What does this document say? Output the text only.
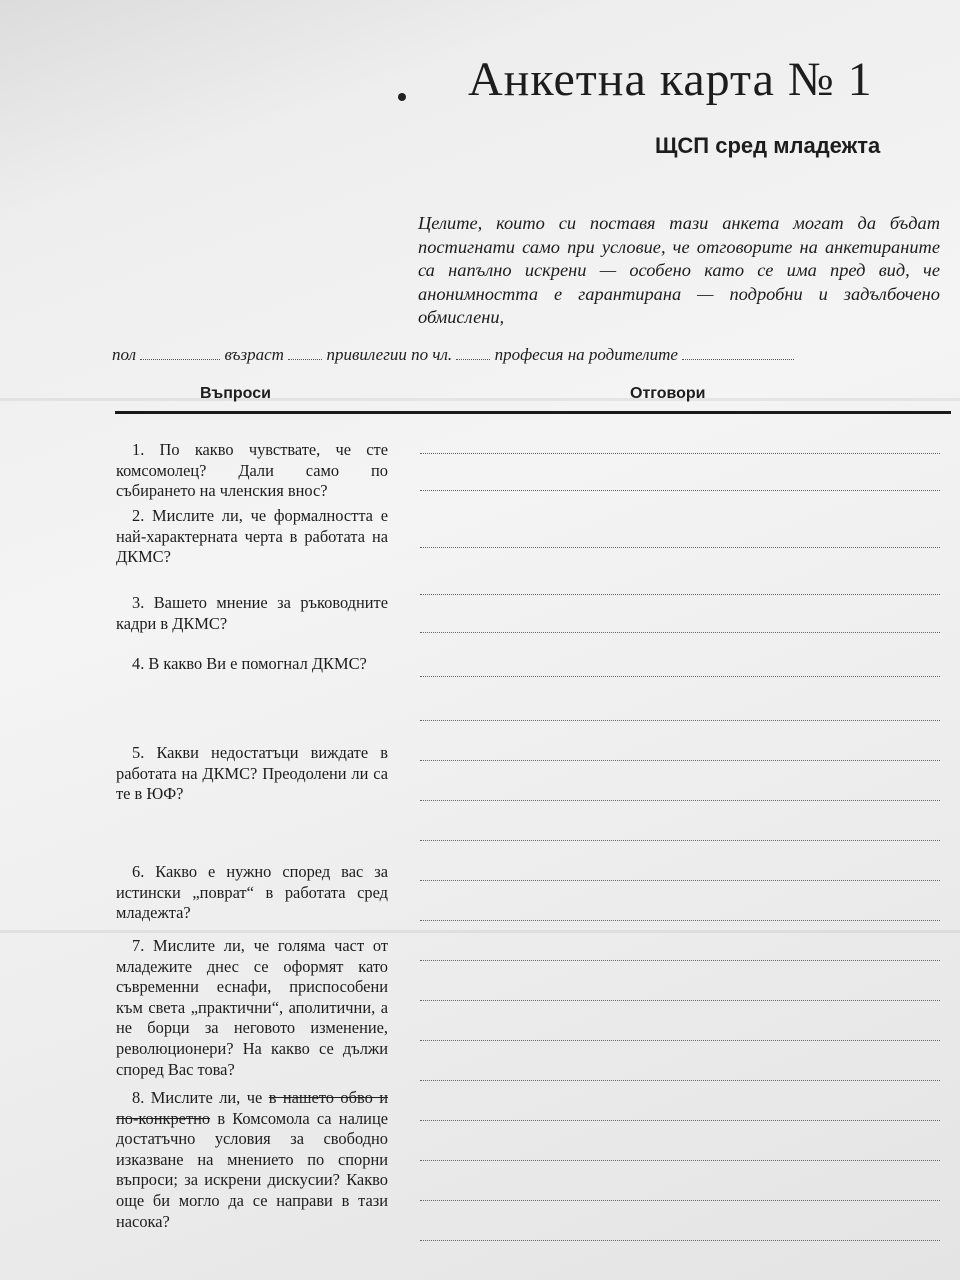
Анкетна карта № 1
ЩСП сред младежта
Целите, които си поставя тази анкета могат да бъдат постигнати само при условие, че отговорите на анкетираните са напълно искрени — особено като се има пред вид, че анонимността е гарантирана — подробни и задълбочено обмислени,
пол	възраст	привилегии по чл.	професия на родителите
Въпроси	Отговори
1. По какво чувствате, че сте комсомолец? Дали само по събирането на членския внос?
2. Мислите ли, че формалността е най-характерната черта в работата на ДКМС?
3. Вашето мнение за ръководните кадри в ДКМС?
4. В какво Ви е помогнал ДКМС?
5. Какви недостатъци виждате в работата на ДКМС? Преодолени ли са те в ЮФ?
6. Какво е нужно според вас за истински „поврат“ в работата сред младежта?
7. Мислите ли, че голяма част от младежите днес се оформят като съвременни еснафи, приспособени към света „практични“, аполитични, а не борци за неговото изменение, революционери? На какво се дължи според Вас това?
8. Мислите ли, че в нашето обво и по-конкретно в Комсомола са налице достатъчно условия за свободно изказване на мнението по спорни въпроси; за искрени дискусии? Какво още би могло да се направи в тази насока?
